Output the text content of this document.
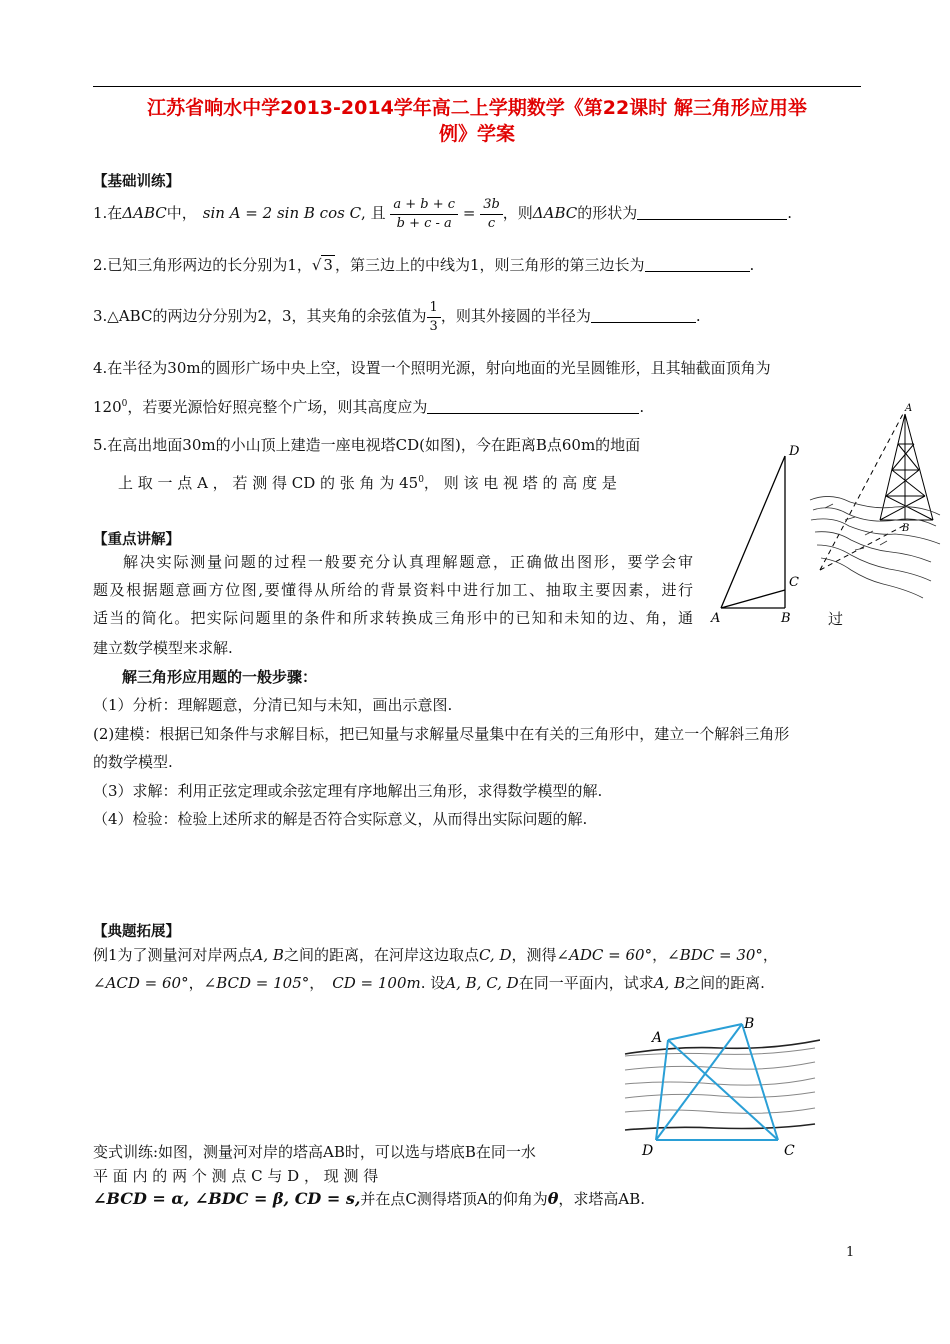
江苏省响水中学2013-2014学年高二上学期数学《第22课时 解三角形应用举
例》学案
【基础训练】
1.在ΔABC中， sin A = 2 sin B cos C, 且 $\frac{a + b + c}{b + c - a} = \frac{3b}{c}$ ，则ΔABC的形状为	.
2.已知三角形两边的长分别为1，√ 3 ，第三边上的中线为1，则三角形的第三边长为	.
3.△ABC的两边分分别为2，3，其夹角的余弦值为 $\frac{1}{3}$ ，则其外接圆的半径为	.
4.在半径为30m的圆形广场中央上空，设置一个照明光源，射向地面的光呈圆锥形，且其轴截面顶角为
$120^0$，若要光源恰好照亮整个广场，则其高度应为	.
5.在高出地面30m的小山顶上建造一座电视塔CD(如图)，今在距离B点60m的地面
上 取 一 点 A ， 若 测 得 CD 的 张 角 为 $45^0$， 则 该 电 视 塔 的 高 度 是
D
C
A	B
A
B
【重点讲解】
解决实际测量问题的过程一般要充分认真理解题意，正确做出图形，要学会审
题及根据题意画方位图,要懂得从所给的背景资料中进行加工、抽取主要因素，进行
适当的简化。把实际问题里的条件和所求转换成三角形中的已知和未知的边、角，通	过
建立数学模型来求解.
解三角形应用题的一般步骤：
（1）分析：理解题意，分清已知与未知，画出示意图.
(2)建模：根据已知条件与求解目标，把已知量与求解量尽量集中在有关的三角形中，建立一个解斜三角形
的数学模型.
（3）求解：利用正弦定理或余弦定理有序地解出三角形，求得数学模型的解.
（4）检验：检验上述所求的解是否符合实际意义，从而得出实际问题的解.
【典题拓展】
例1为了测量河对岸两点A, B之间的距离，在河岸这边取点C, D，测得∠ADC = 60°，∠BDC = 30°，
∠ACD = 60°，∠BCD = 105°， CD = 100m. 设A, B, C, D在同一平面内，试求A, B之间的距离.
A
B
C
D
变式训练:如图，测量河对岸的塔高AB时，可以选与塔底B在同一水
平 面 内 的 两 个 测 点 C 与 D ， 现 测 得
∠BCD = α, ∠BDC = β, CD = s,并在点C测得塔顶A的仰角为θ，求塔高AB.
1
